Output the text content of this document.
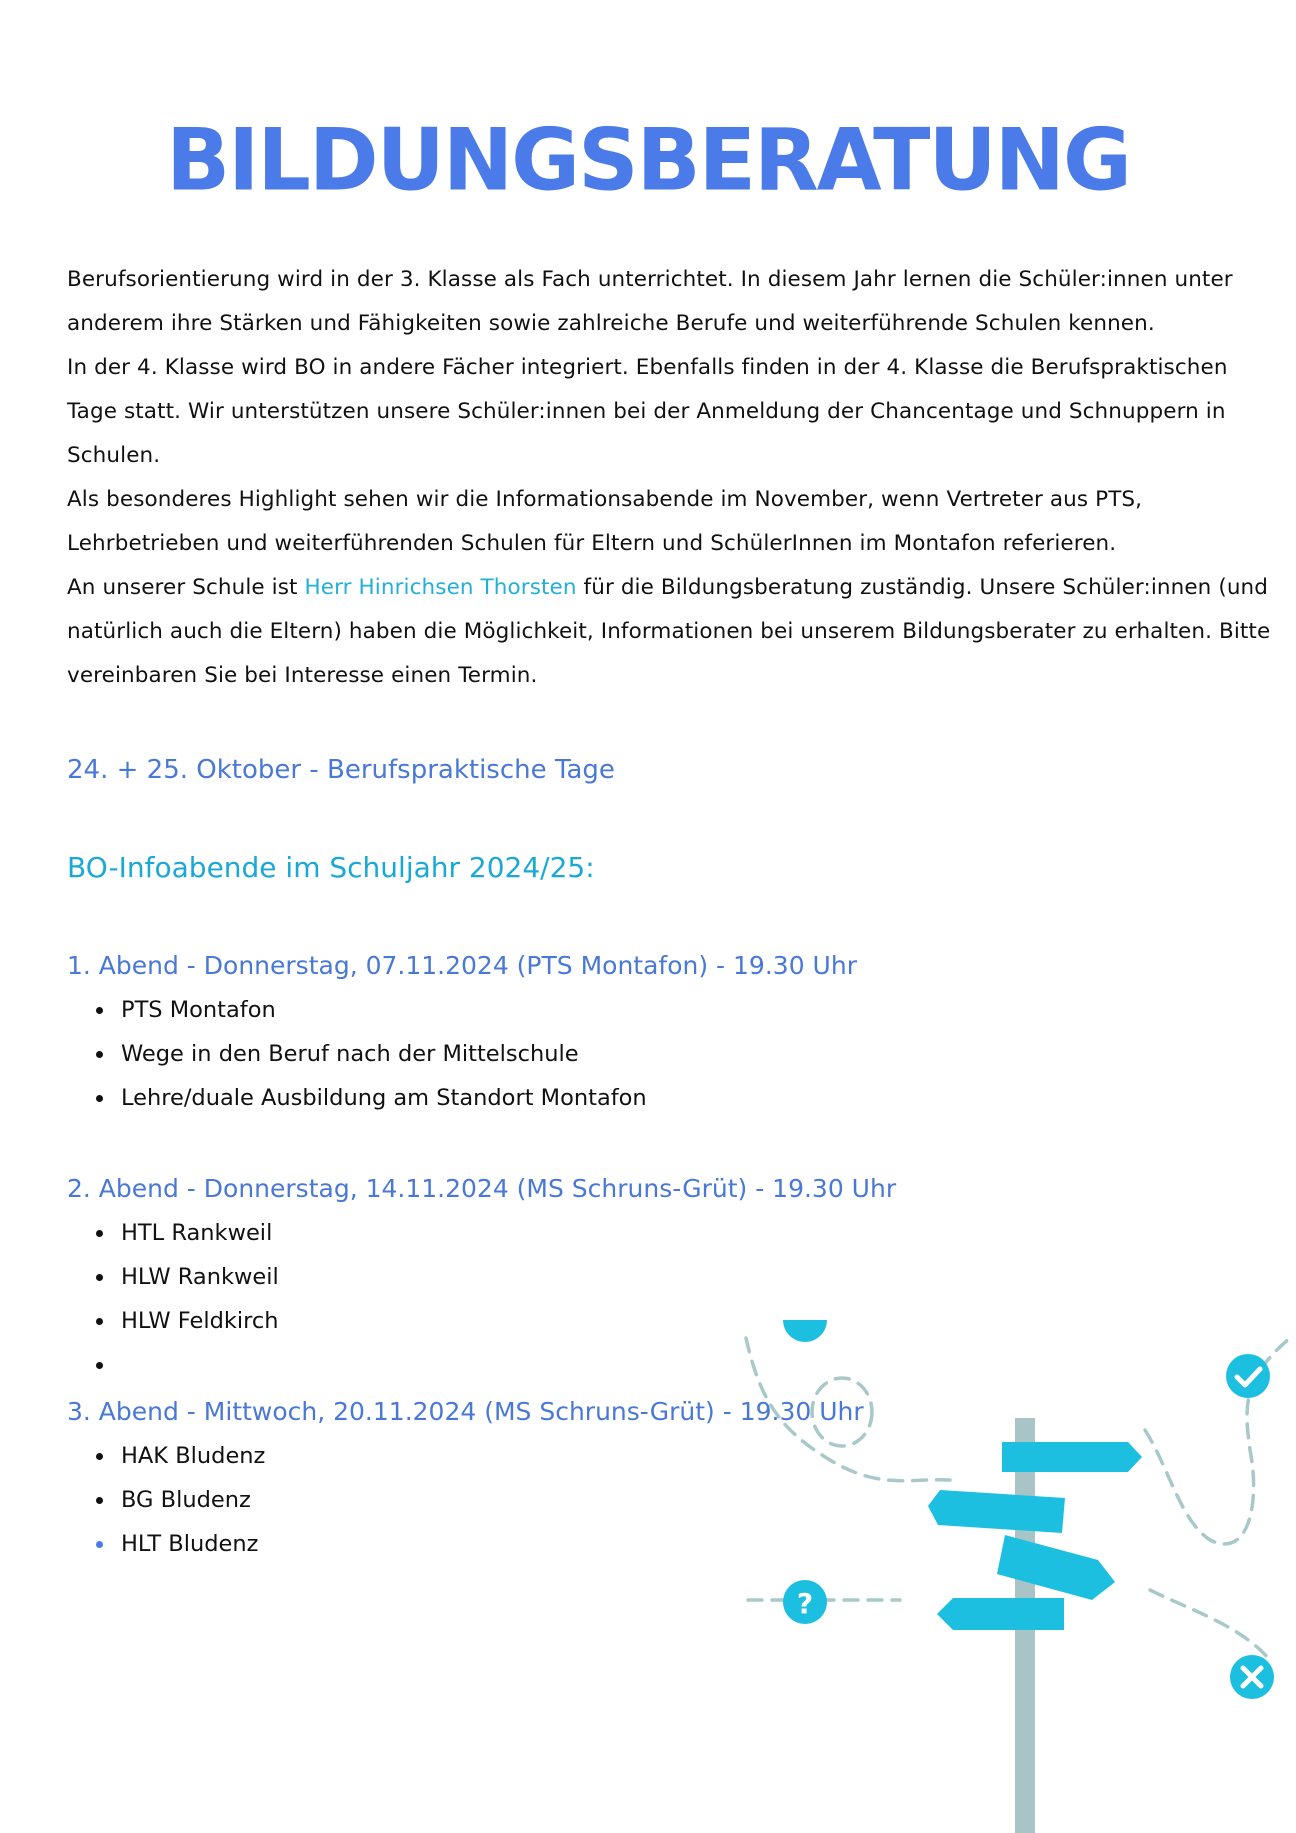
BILDUNGSBERATUNG

Berufsorientierung wird in der 3. Klasse als Fach unterrichtet. In diesem Jahr lernen die Schüler:innen unter anderem ihre Stärken und Fähigkeiten sowie zahlreiche Berufe und weiterführende Schulen kennen.

In der 4. Klasse wird BO in andere Fächer integriert. Ebenfalls finden in der 4. Klasse die Berufspraktischen Tage statt. Wir unterstützen unsere Schüler:innen bei der Anmeldung der Chancentage und Schnuppern in Schulen.

Als besonderes Highlight sehen wir die Informationsabende im November, wenn Vertreter aus PTS, Lehrbetrieben und weiterführenden Schulen für Eltern und SchülerInnen im Montafon referieren.

An unserer Schule ist Herr Hinrichsen Thorsten für die Bildungsberatung zuständig. Unsere Schüler:innen (und natürlich auch die Eltern) haben die Möglichkeit, Informationen bei unserem Bildungsberater zu erhalten. Bitte vereinbaren Sie bei Interesse einen Termin.

24. + 25. Oktober - Berufspraktische Tage
BO-Infoabende im Schuljahr 2024/25:
1. Abend - Donnerstag, 07.11.2024 (PTS Montafon) - 19.30 Uhr
PTS Montafon
Wege in den Beruf nach der Mittelschule
Lehre/duale Ausbildung am Standort Montafon
2. Abend - Donnerstag, 14.11.2024 (MS Schruns-Grüt) - 19.30 Uhr
HTL Rankweil
HLW Rankweil
HLW Feldkirch
3. Abend - Mittwoch, 20.11.2024 (MS Schruns-Grüt) - 19.30 Uhr
HAK Bludenz
BG Bludenz
HLT Bludenz
?
